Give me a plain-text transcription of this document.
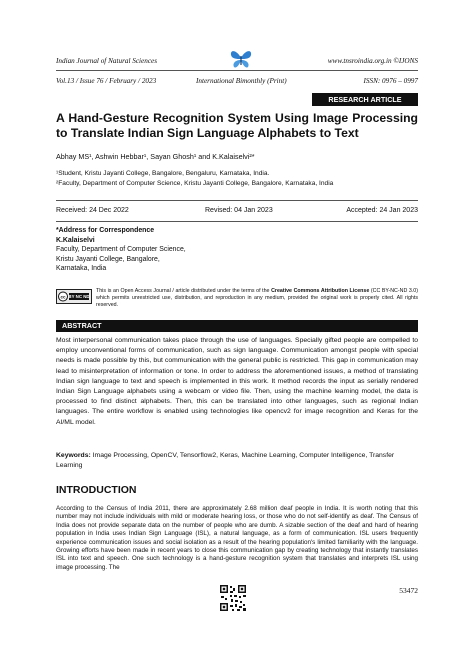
Indian Journal of Natural Sciences	www.tnsroindia.org.in ©IJONS
Vol.13 / Issue 76 / February / 2023	International Bimonthly (Print)	ISSN: 0976 – 0997
RESEARCH ARTICLE
A Hand-Gesture Recognition System Using Image Processing to Translate Indian Sign Language Alphabets to Text
Abhay MS¹, Ashwin Hebbar¹, Sayan Ghosh¹ and K.Kalaiselvi²*
¹Student, Kristu Jayanti College, Bangalore, Bengaluru, Karnataka, India.
²Faculty, Department of Computer Science, Kristu Jayanti College, Bangalore, Karnataka, India
Received: 24 Dec 2022	Revised: 04 Jan 2023	Accepted: 24 Jan 2023
*Address for Correspondence
K.Kalaiselvi
Faculty, Department of Computer Science,
Kristu Jayanti College, Bangalore,
Karnataka, India
cc BY NC ND
This is an Open Access Journal / article distributed under the terms of the Creative Commons Attribution License (CC BY-NC-ND 3.0) which permits unrestricted use, distribution, and reproduction in any medium, provided the original work is properly cited. All rights reserved.
ABSTRACT
Most interpersonal communication takes place through the use of languages. Specially gifted people are compelled to employ unconventional forms of communication, such as sign language. Communication amongst people with special needs is made possible by this, but communication with the general public is restricted. This gap in communication may lead to misinterpretation of information or tone. In order to address the aforementioned issues, a method of translating Indian sign language to text and speech is implemented in this work. It method records the input as serially rendered Indian Sign Language alphabets using a webcam or video file. Then, using the machine learning model, the data is processed to find distinct alphabets. Then, this can be translated into other languages, such as regional Indian languages. The entire workflow is enabled using technologies like opencv2 for image recognition and Keras for the AI/ML model.
Keywords: Image Processing, OpenCV, Tensorflow2, Keras, Machine Learning, Computer Intelligence, Transfer Learning
INTRODUCTION
According to the Census of India 2011, there are approximately 2.68 million deaf people in India. It is worth noting that this number may not include individuals with mild or moderate hearing loss, or those who do not self-identify as deaf. The Census of India does not provide separate data on the number of people who are dumb. A sizable section of the deaf and hard of hearing population in India uses Indian Sign Language (ISL), a natural language, as a form of communication. ISL users frequently experience communication issues and social isolation as a result of the hearing population's limited familiarity with the language. Growing efforts have been made in recent years to close this communication gap by creating technology that instantly translates ISL into text and speech. One such technology is a hand-gesture recognition system that translates and interprets ISL using image processing. The
53472
